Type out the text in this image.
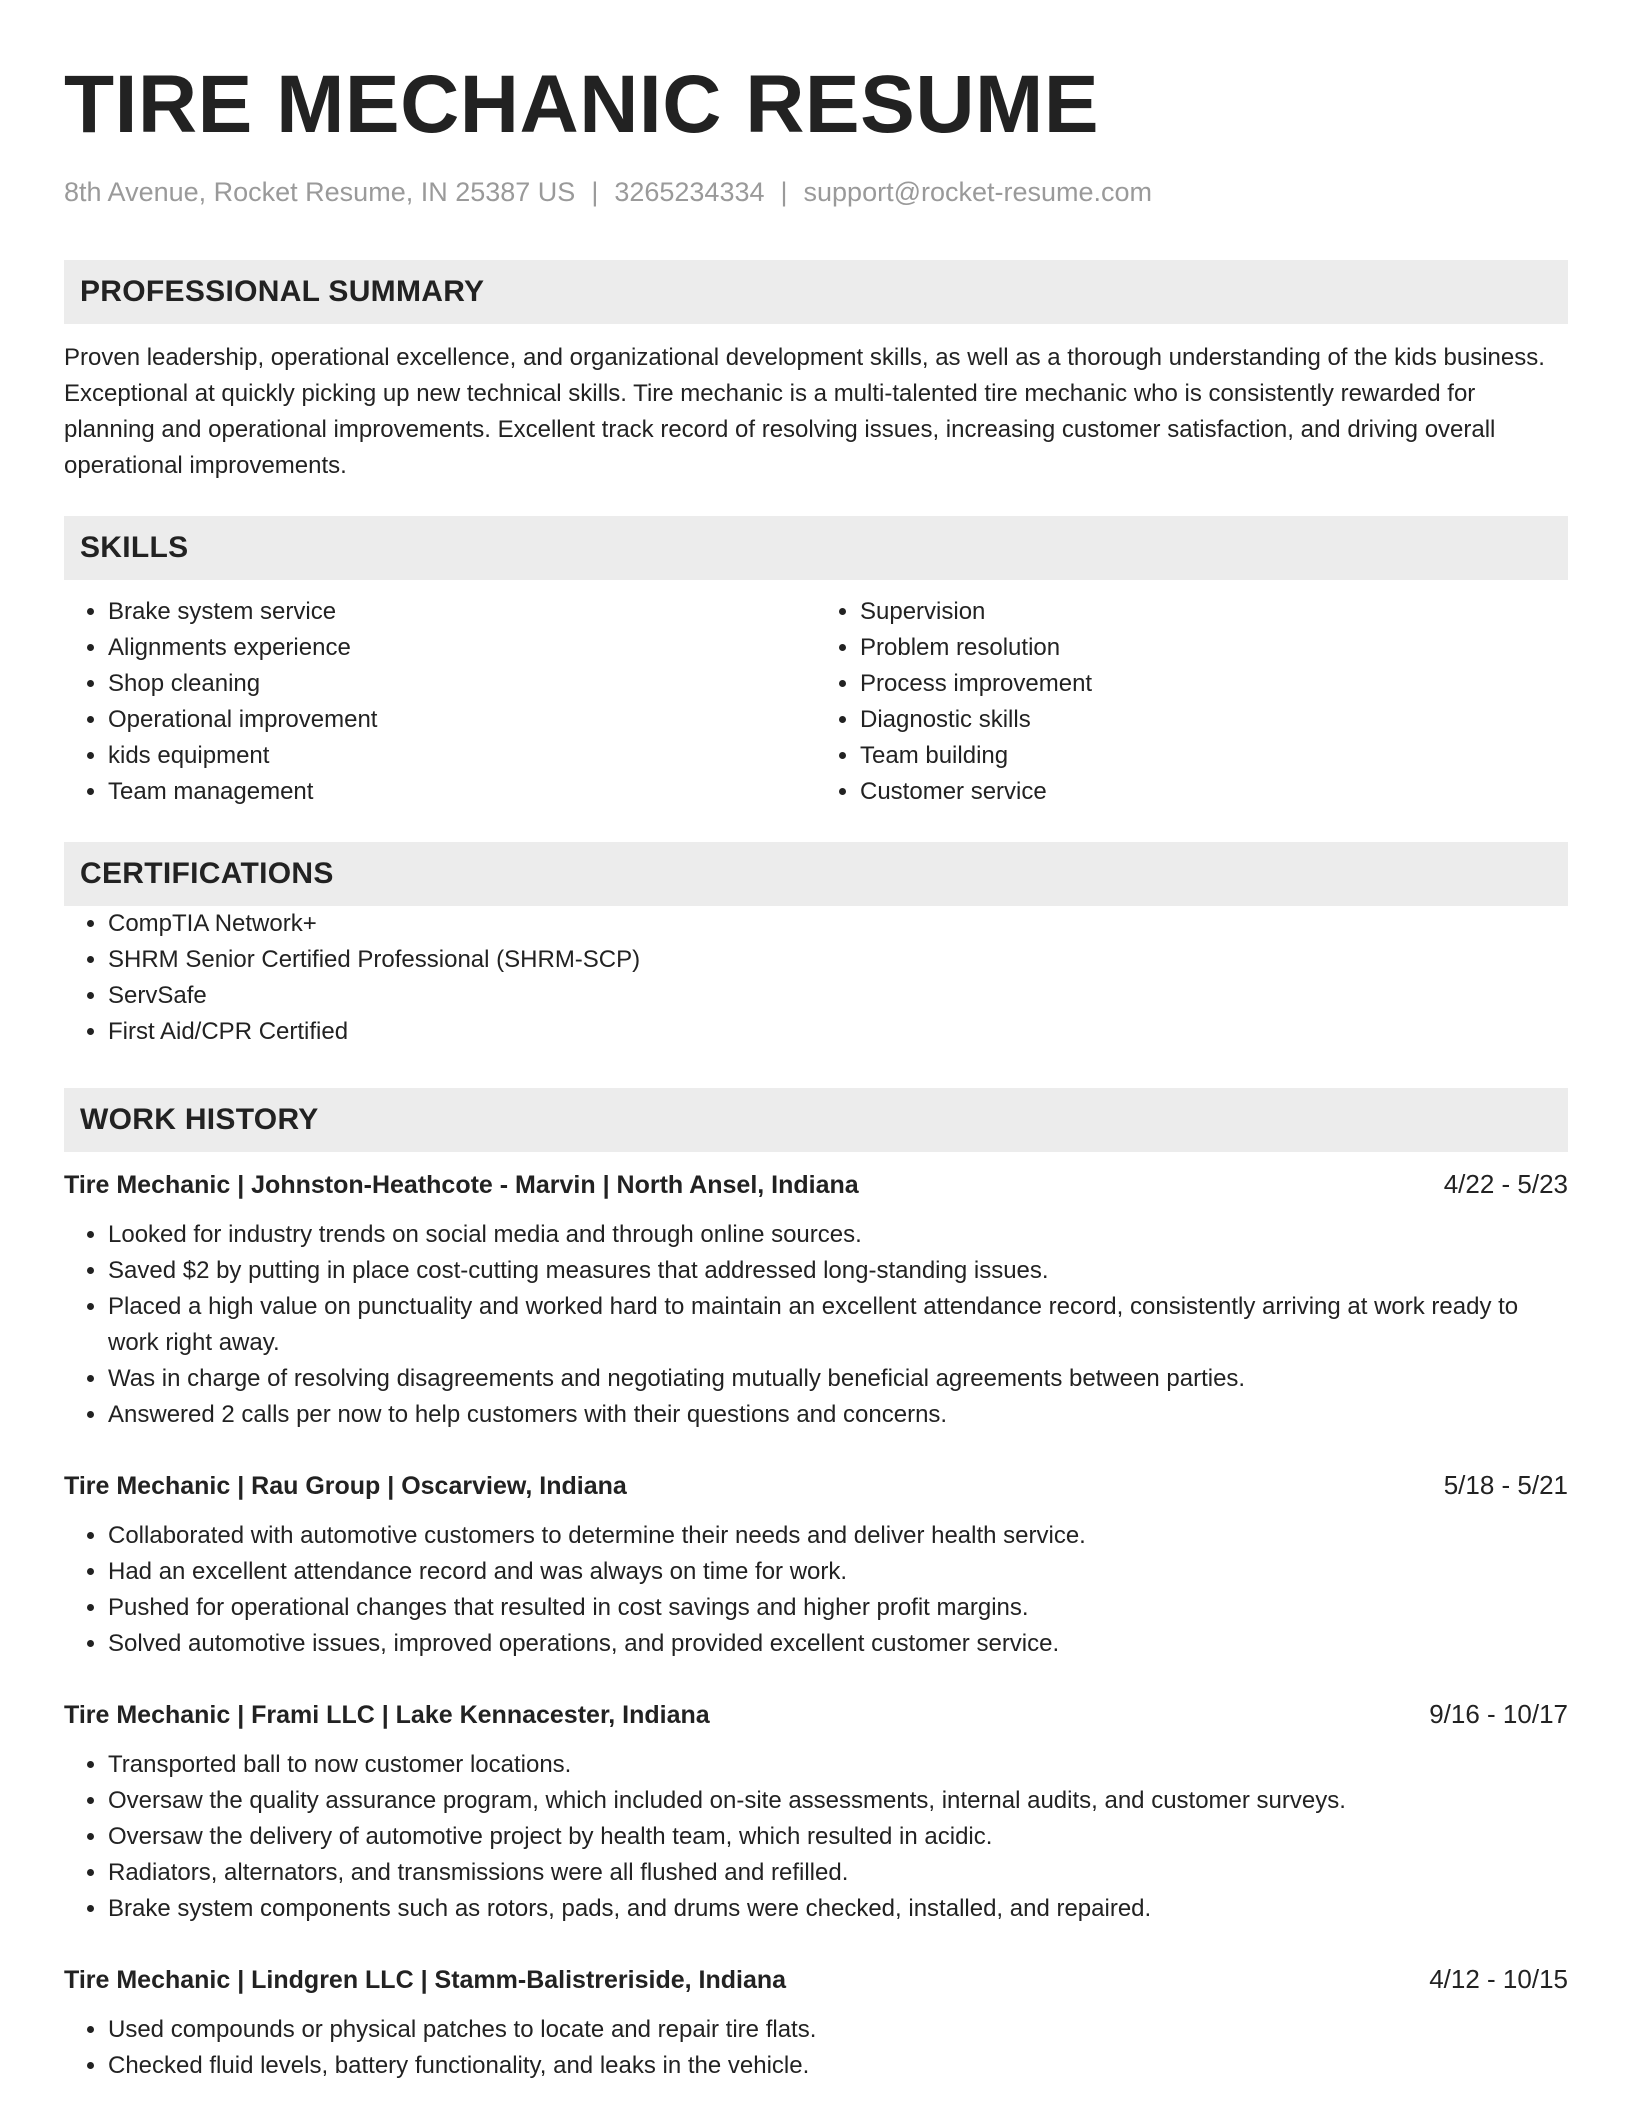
TIRE MECHANIC RESUME
8th Avenue, Rocket Resume, IN 25387 US | 3265234334 | support@rocket-resume.com
PROFESSIONAL SUMMARY

Proven leadership, operational excellence, and organizational development skills, as well as a thorough understanding of the kids business. Exceptional at quickly picking up new technical skills. Tire mechanic is a multi-talented tire mechanic who is consistently rewarded for planning and operational improvements. Excellent track record of resolving issues, increasing customer satisfaction, and driving overall operational improvements.

SKILLS
• Brake system service
• Alignments experience
• Shop cleaning
• Operational improvement
• kids equipment
• Team management
• Supervision
• Problem resolution
• Process improvement
• Diagnostic skills
• Team building
• Customer service
CERTIFICATIONS
• CompTIA Network+
• SHRM Senior Certified Professional (SHRM-SCP)
• ServSafe
• First Aid/CPR Certified
WORK HISTORY
Tire Mechanic | Johnston-Heathcote - Marvin | North Ansel, Indiana	4/22 - 5/23
• Looked for industry trends on social media and through online sources.
• Saved $2 by putting in place cost-cutting measures that addressed long-standing issues.
• Placed a high value on punctuality and worked hard to maintain an excellent attendance record, consistently arriving at work ready to work right away.
• Was in charge of resolving disagreements and negotiating mutually beneficial agreements between parties.
• Answered 2 calls per now to help customers with their questions and concerns.
Tire Mechanic | Rau Group | Oscarview, Indiana	5/18 - 5/21
• Collaborated with automotive customers to determine their needs and deliver health service.
• Had an excellent attendance record and was always on time for work.
• Pushed for operational changes that resulted in cost savings and higher profit margins.
• Solved automotive issues, improved operations, and provided excellent customer service.
Tire Mechanic | Frami LLC | Lake Kennacester, Indiana	9/16 - 10/17
• Transported ball to now customer locations.
• Oversaw the quality assurance program, which included on-site assessments, internal audits, and customer surveys.
• Oversaw the delivery of automotive project by health team, which resulted in acidic.
• Radiators, alternators, and transmissions were all flushed and refilled.
• Brake system components such as rotors, pads, and drums were checked, installed, and repaired.
Tire Mechanic | Lindgren LLC | Stamm-Balistreriside, Indiana	4/12 - 10/15
• Used compounds or physical patches to locate and repair tire flats.
• Checked fluid levels, battery functionality, and leaks in the vehicle.
